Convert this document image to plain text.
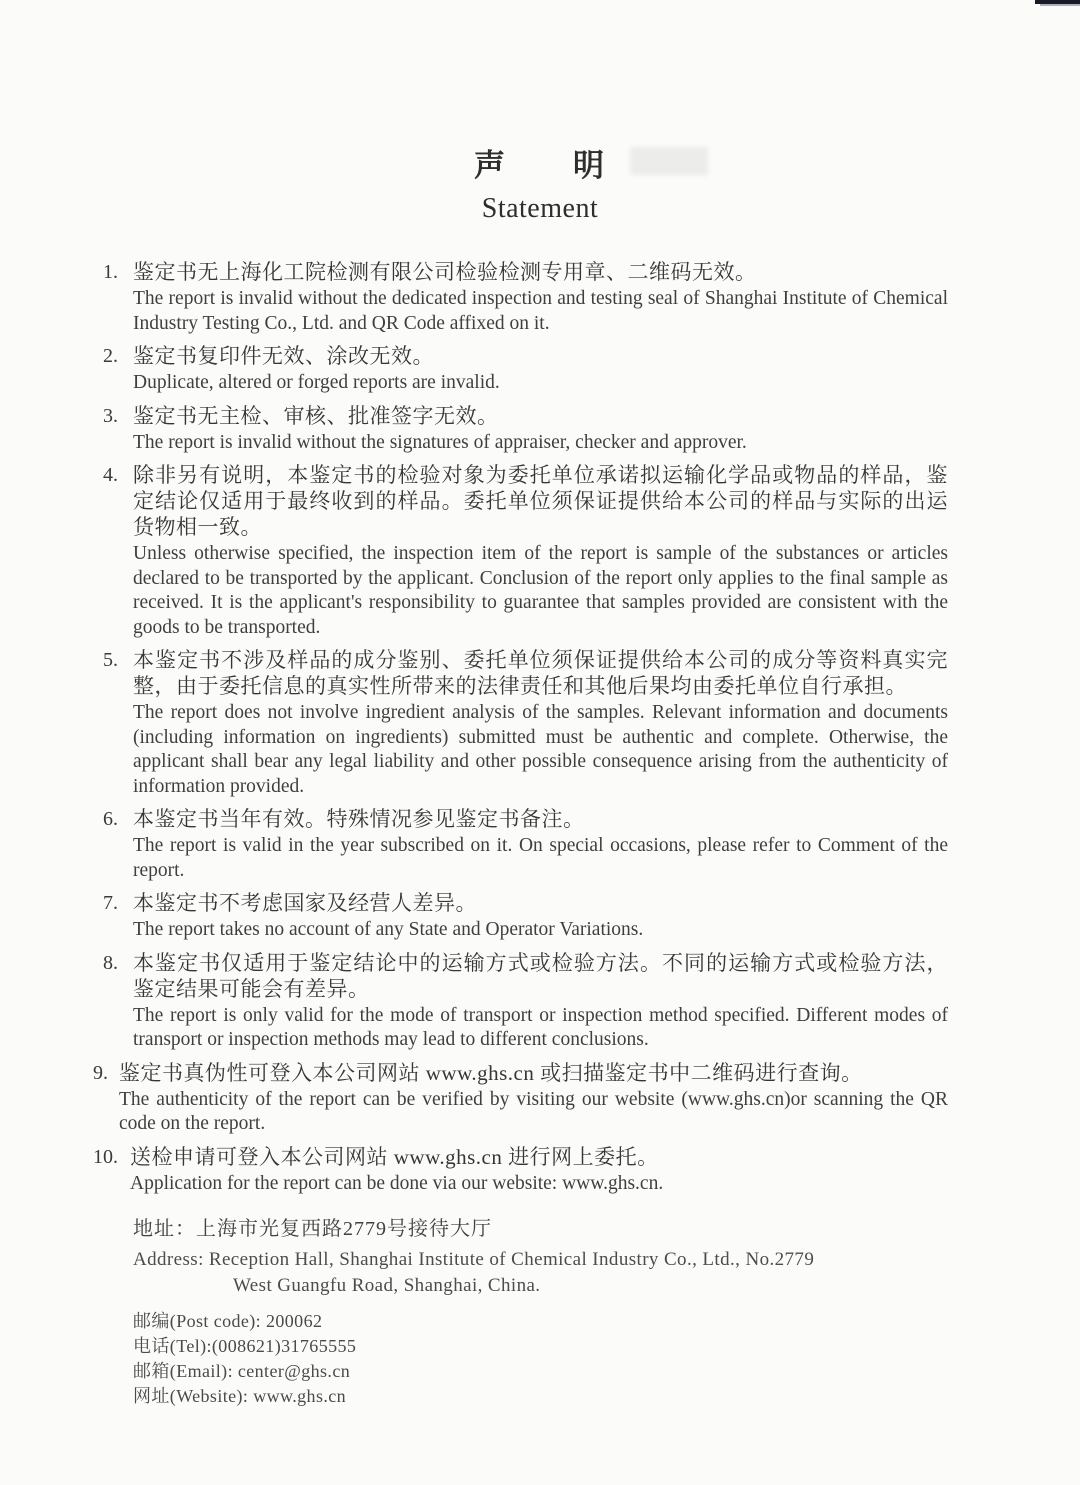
声 明
Statement
1. 鉴定书无上海化工院检测有限公司检验检测专用章、二维码无效。

The report is invalid without the dedicated inspection and testing seal of Shanghai Institute of Chemical Industry Testing Co., Ltd. and QR Code affixed on it.

2. 鉴定书复印件无效、涂改无效。

Duplicate, altered or forged reports are invalid.

3. 鉴定书无主检、审核、批准签字无效。

The report is invalid without the signatures of appraiser, checker and approver.

4. 除非另有说明，本鉴定书的检验对象为委托单位承诺拟运输化学品或物品的样品，鉴定结论仅适用于最终收到的样品。委托单位须保证提供给本公司的样品与实际的出运货物相一致。

Unless otherwise specified, the inspection item of the report is sample of the substances or articles declared to be transported by the applicant. Conclusion of the report only applies to the final sample as received. It is the applicant's responsibility to guarantee that samples provided are consistent with the goods to be transported.

5. 本鉴定书不涉及样品的成分鉴别、委托单位须保证提供给本公司的成分等资料真实完整，由于委托信息的真实性所带来的法律责任和其他后果均由委托单位自行承担。

The report does not involve ingredient analysis of the samples. Relevant information and documents (including information on ingredients) submitted must be authentic and complete. Otherwise, the applicant shall bear any legal liability and other possible consequence arising from the authenticity of information provided.

6. 本鉴定书当年有效。特殊情况参见鉴定书备注。

The report is valid in the year subscribed on it. On special occasions, please refer to Comment of the report.

7. 本鉴定书不考虑国家及经营人差异。

The report takes no account of any State and Operator Variations.

8. 本鉴定书仅适用于鉴定结论中的运输方式或检验方法。不同的运输方式或检验方法，鉴定结果可能会有差异。

The report is only valid for the mode of transport or inspection method specified. Different modes of transport or inspection methods may lead to different conclusions.

9. 鉴定书真伪性可登入本公司网站 www.ghs.cn 或扫描鉴定书中二维码进行查询。

The authenticity of the report can be verified by visiting our website (www.ghs.cn)or scanning the QR code on the report.

10. 送检申请可登入本公司网站 www.ghs.cn 进行网上委托。

Application for the report can be done via our website: www.ghs.cn.

地址：上海市光复西路2779号接待大厅

Address: Reception Hall, Shanghai Institute of Chemical Industry Co., Ltd., No.2779

West Guangfu Road, Shanghai, China.

邮编(Post code): 200062

电话(Tel):(008621)31765555

邮箱(Email): center@ghs.cn

网址(Website): www.ghs.cn
